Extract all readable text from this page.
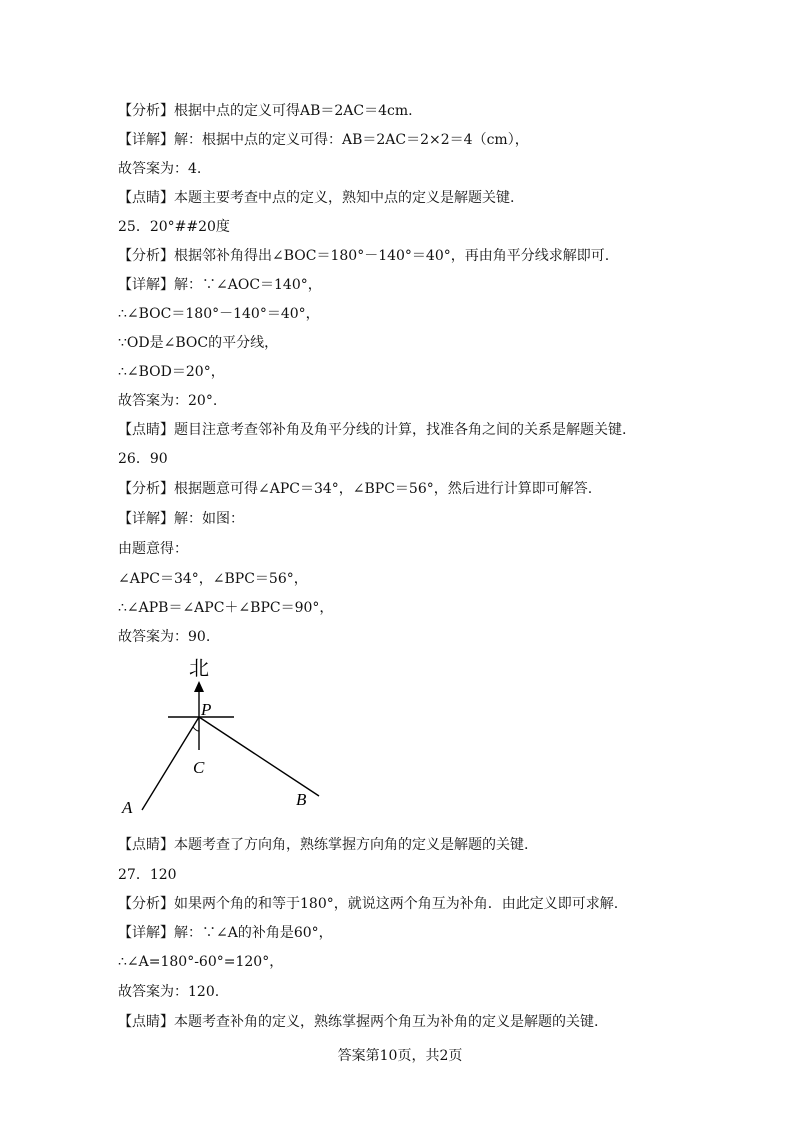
【分析】根据中点的定义可得AB＝2AC＝4cm.
【详解】解：根据中点的定义可得：AB＝2AC＝2×2＝4（cm），
故答案为：4.
【点睛】本题主要考查中点的定义，熟知中点的定义是解题关键.
25．20°##20度
【分析】根据邻补角得出∠BOC＝180°－140°＝40°，再由角平分线求解即可.
【详解】解：∵∠AOC＝140°，
∴∠BOC＝180°－140°＝40°，
∵OD是∠BOC的平分线，
∴∠BOD＝20°，
故答案为：20°.
【点睛】题目注意考查邻补角及角平分线的计算，找准各角之间的关系是解题关键.
26．90
【分析】根据题意可得∠APC＝34°，∠BPC＝56°，然后进行计算即可解答.
【详解】解：如图：
由题意得：
∠APC＝34°，∠BPC＝56°，
∴∠APB＝∠APC＋∠BPC＝90°，
故答案为：90.
【点睛】本题考查了方向角，熟练掌握方向角的定义是解题的关键.
27．120
【分析】如果两个角的和等于180°，就说这两个角互为补角．由此定义即可求解.
【详解】解：∵∠A的补角是60°，
∴∠A=180°-60°=120°，
故答案为：120.
【点睛】本题考查补角的定义，熟练掌握两个角互为补角的定义是解题的关键.
北
P
C
A	B
答案第10页，共2页
